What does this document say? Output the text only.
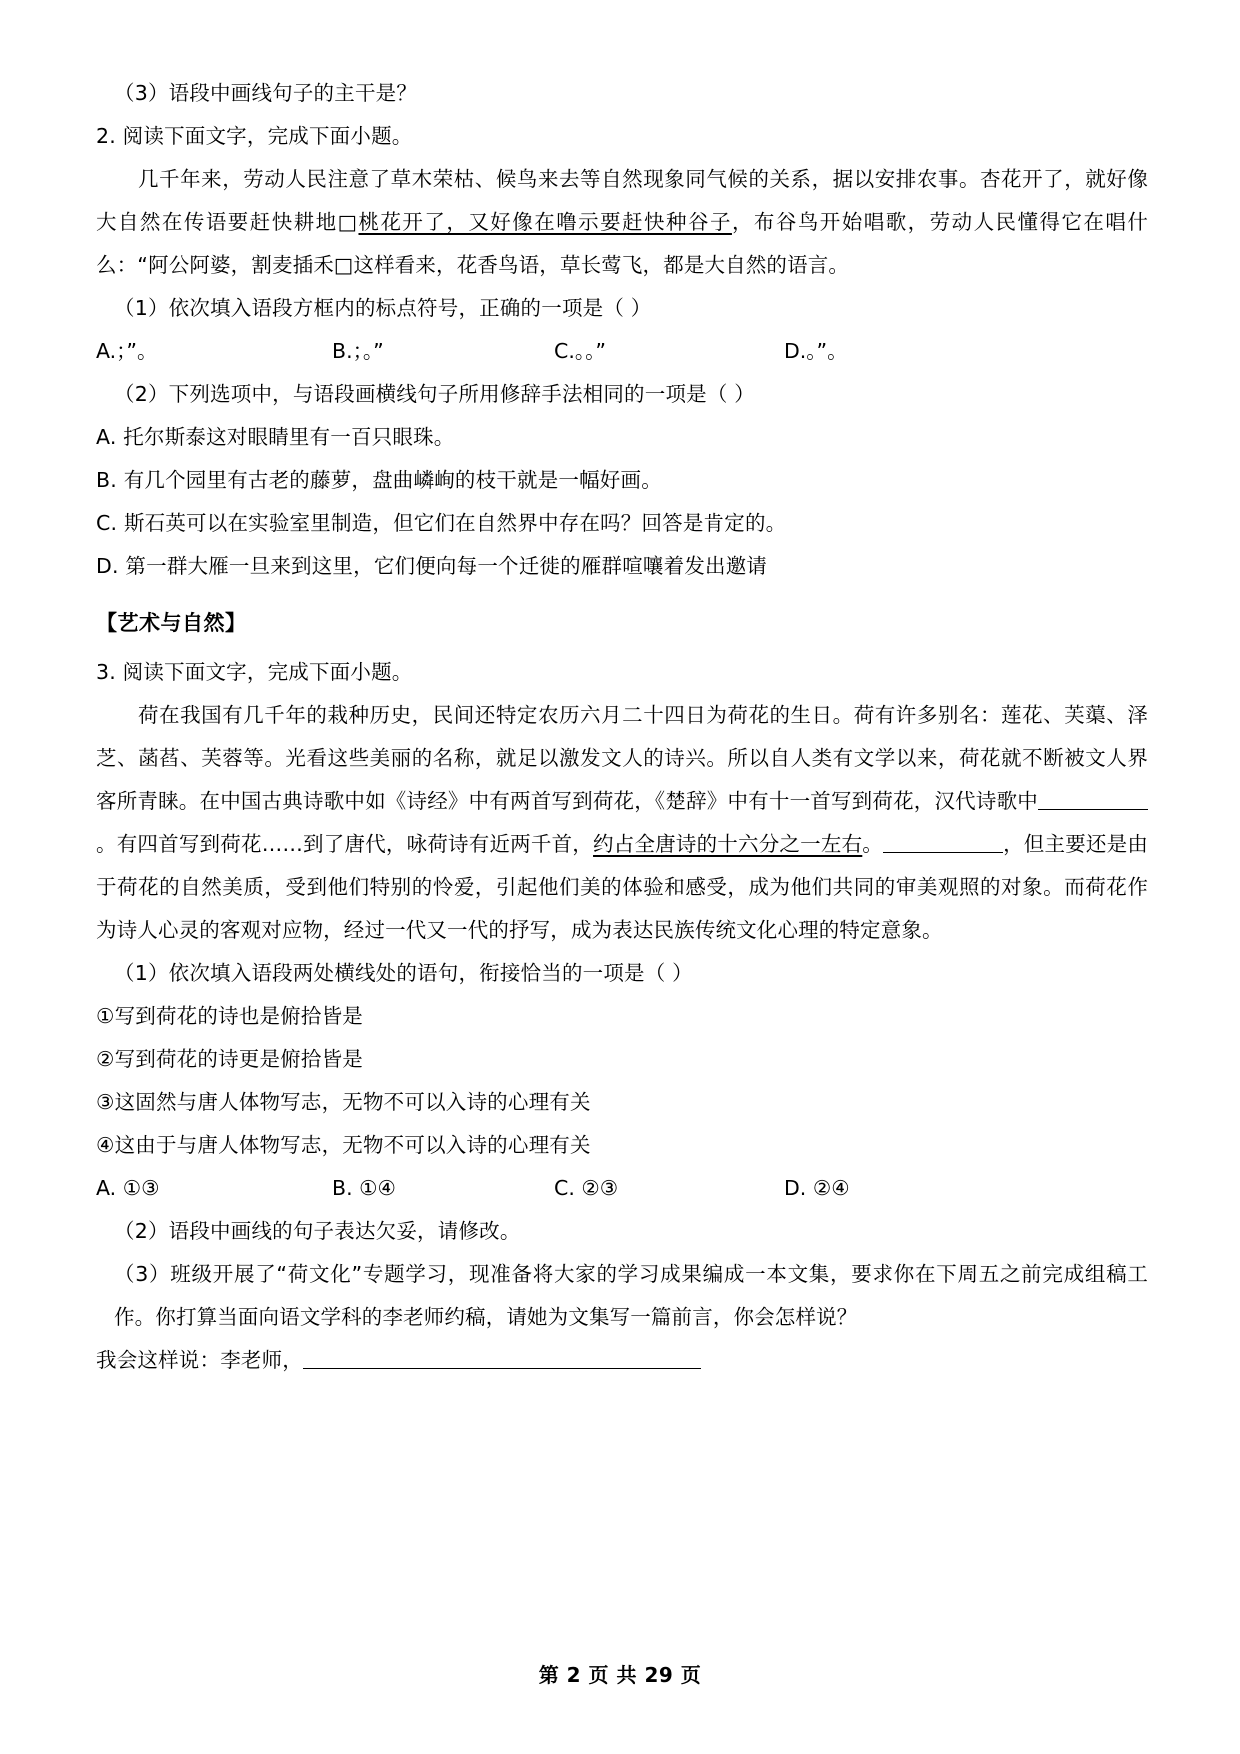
（3）语段中画线句子的主干是？
2. 阅读下面文字，完成下面小题。
几千年来，劳动人民注意了草木荣枯、候鸟来去等自然现象同气候的关系，据以安排农事。杏花开了，就好像大自然在传语要赶快耕地□桃花开了，又好像在噜示要赶快种谷子，布谷鸟开始唱歌，劳动人民懂得它在唱什么：“阿公阿婆，割麦插禾□这样看来，花香鸟语，草长莺飞，都是大自然的语言。
（1）依次填入语段方框内的标点符号，正确的一项是（ ）
A.；”。	B.；。”	C.。。”	D.。”。
（2）下列选项中，与语段画横线句子所用修辞手法相同的一项是（ ）
A. 托尔斯泰这对眼睛里有一百只眼珠。
B. 有几个园里有古老的藤萝，盘曲嶙峋的枝干就是一幅好画。
C. 斯石英可以在实验室里制造，但它们在自然界中存在吗？回答是肯定的。
D. 第一群大雁一旦来到这里，它们便向每一个迁徙的雁群喧嚷着发出邀请
【艺术与自然】
3. 阅读下面文字，完成下面小题。
荷在我国有几千年的栽种历史，民间还特定农历六月二十四日为荷花的生日。荷有许多别名：莲花、芙蕖、泽芝、菡萏、芙蓉等。光看这些美丽的名称，就足以激发文人的诗兴。所以自人类有文学以来，荷花就不断被文人界客所青睐。在中国古典诗歌中如《诗经》中有两首写到荷花，《楚辞》中有十一首写到荷花，汉代诗歌中。有四首写到荷花……到了唐代，咏荷诗有近两千首，约占全唐诗的十六分之一左右。	，但主要还是由于荷花的自然美质，受到他们特别的怜爱，引起他们美的体验和感受，成为他们共同的审美观照的对象。而荷花作为诗人心灵的客观对应物，经过一代又一代的抒写，成为表达民族传统文化心理的特定意象。
（1）依次填入语段两处横线处的语句，衔接恰当的一项是（ ）
①写到荷花的诗也是俯拾皆是
②写到荷花的诗更是俯拾皆是
③这固然与唐人体物写志，无物不可以入诗的心理有关
④这由于与唐人体物写志，无物不可以入诗的心理有关
A. ①③	B. ①④	C. ②③	D. ②④
（2）语段中画线的句子表达欠妥，请修改。
（3）班级开展了“荷文化”专题学习，现准备将大家的学习成果编成一本文集，要求你在下周五之前完成组稿工作。你打算当面向语文学科的李老师约稿，请她为文集写一篇前言，你会怎样说？
我会这样说：李老师，
第 2 页 共 29 页
